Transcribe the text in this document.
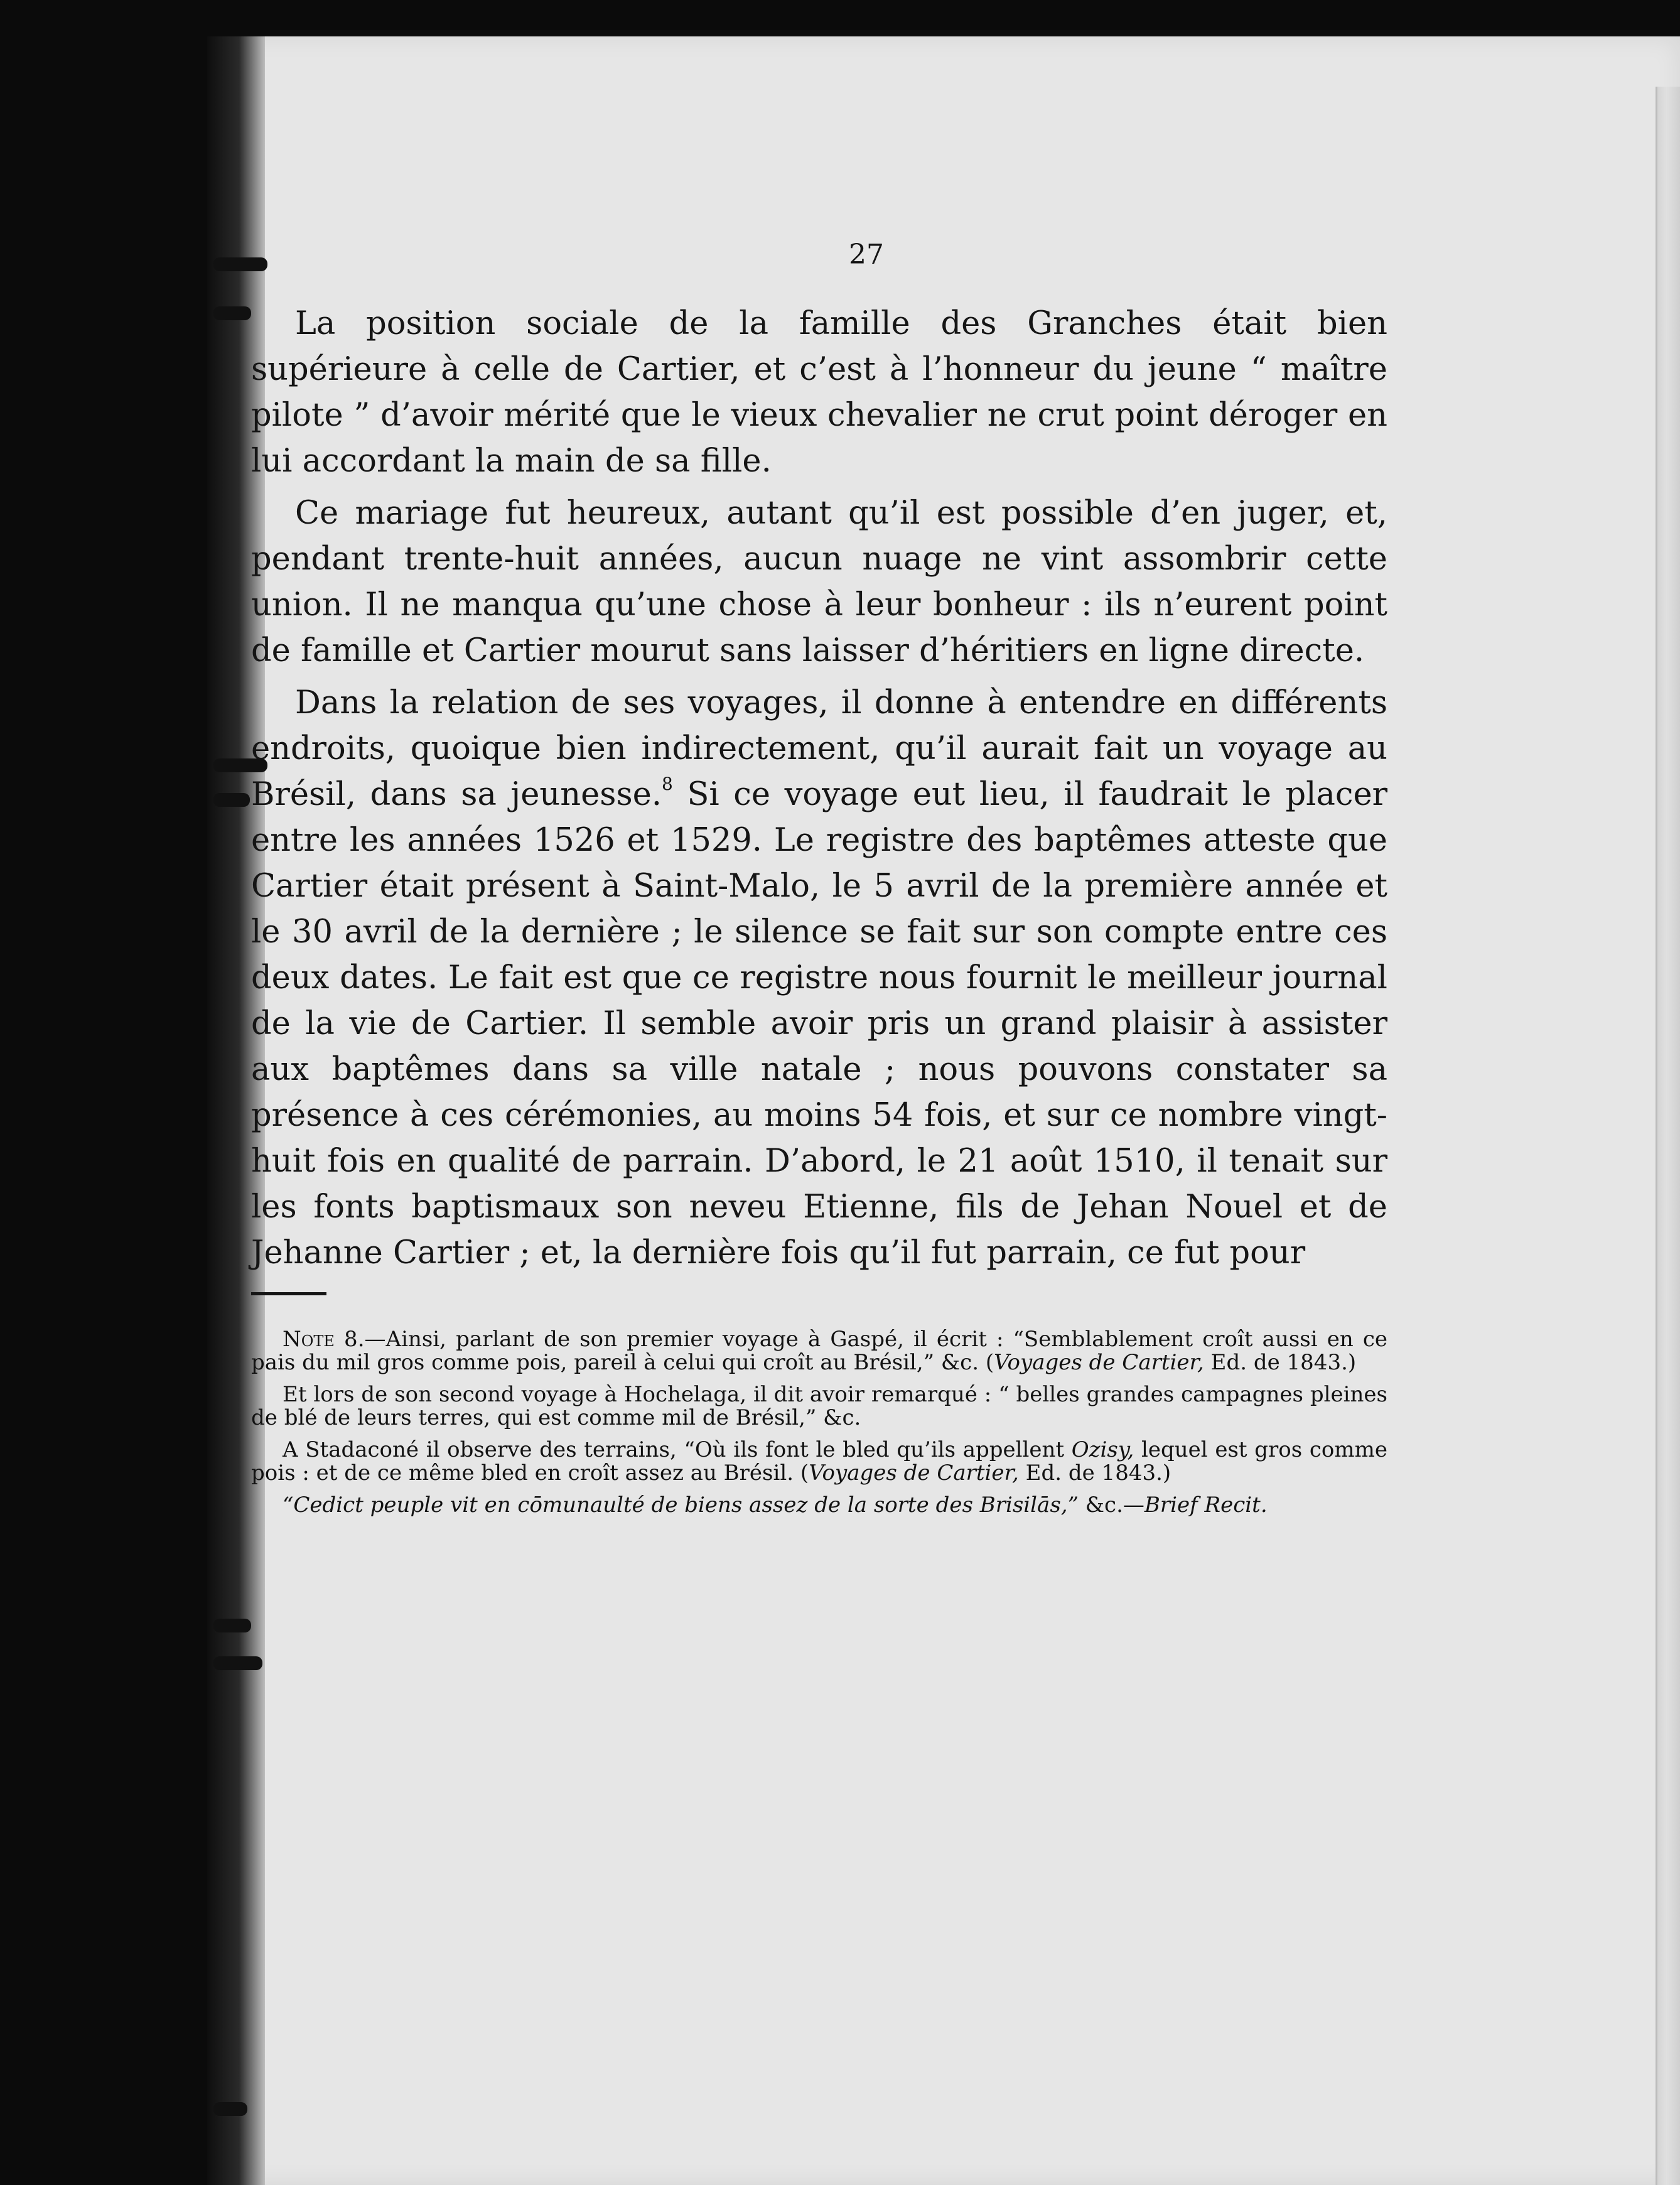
27

La position sociale de la famille des Granches était bien supérieure à celle de Cartier, et c’est à l’honneur du jeune “ maître pilote ” d’avoir mérité que le vieux chevalier ne crut point déroger en lui accordant la main de sa fille.

Ce mariage fut heureux, autant qu’il est possible d’en juger, et, pendant trente-huit années, aucun nuage ne vint assombrir cette union. Il ne manqua qu’une chose à leur bonheur : ils n’eurent point de famille et Cartier mourut sans laisser d’héritiers en ligne directe.

Dans la relation de ses voyages, il donne à entendre en différents endroits, quoique bien indirectement, qu’il aurait fait un voyage au Brésil, dans sa jeunesse.$^8$ Si ce voyage eut lieu, il faudrait le placer entre les années 1526 et 1529. Le registre des baptêmes atteste que Cartier était présent à Saint-Malo, le 5 avril de la première année et le 30 avril de la dernière ; le silence se fait sur son compte entre ces deux dates. Le fait est que ce registre nous fournit le meilleur journal de la vie de Cartier. Il semble avoir pris un grand plaisir à assister aux baptêmes dans sa ville natale ; nous pouvons constater sa présence à ces cérémonies, au moins 54 fois, et sur ce nombre vingt-huit fois en qualité de parrain. D’abord, le 21 août 1510, il tenait sur les fonts baptismaux son neveu Etienne, fils de Jehan Nouel et de Jehanne Cartier ; et, la dernière fois qu’il fut parrain, ce fut pour

Note 8.—Ainsi, parlant de son premier voyage à Gaspé, il écrit : “Semblablement croît aussi en ce pais du mil gros comme pois, pareil à celui qui croît au Brésil,” &c. (Voyages de Cartier, Ed. de 1843.)

Et lors de son second voyage à Hochelaga, il dit avoir remarqué : “ belles grandes campagnes pleines de blé de leurs terres, qui est comme mil de Brésil,” &c.

A Stadaconé il observe des terrains, “Où ils font le bled qu’ils appellent Ozisy, lequel est gros comme pois : et de ce même bled en croît assez au Brésil. (Voyages de Cartier, Ed. de 1843.)

“Cedict peuple vit en cōmunaulté de biens assez de la sorte des Brisilās,” &c.—Brief Recit.
